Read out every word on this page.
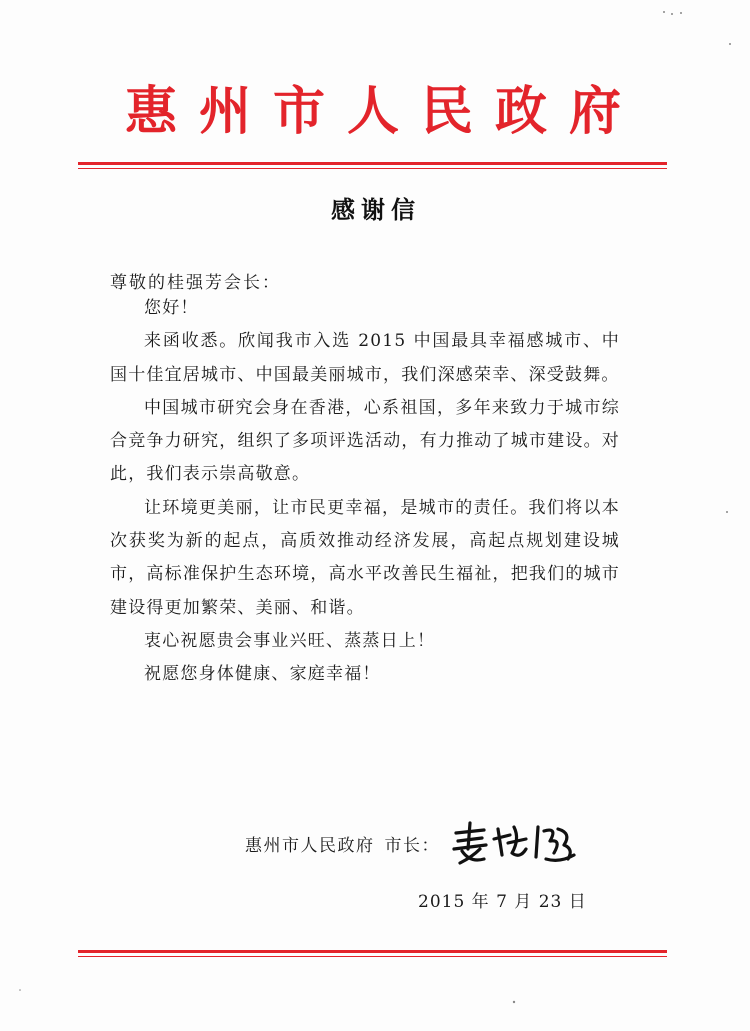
惠州市人民政府
感谢信
尊敬的桂强芳会长：

您好！

来函收悉。欣闻我市入选 2015 中国最具幸福感城市、中国十佳宜居城市、中国最美丽城市，我们深感荣幸、深受鼓舞。

中国城市研究会身在香港，心系祖国，多年来致力于城市综合竞争力研究，组织了多项评选活动，有力推动了城市建设。对此，我们表示崇高敬意。

让环境更美丽，让市民更幸福，是城市的责任。我们将以本次获奖为新的起点，高质效推动经济发展，高起点规划建设城市，高标准保护生态环境，高水平改善民生福祉，把我们的城市建设得更加繁荣、美丽、和谐。

衷心祝愿贵会事业兴旺、蒸蒸日上！

祝愿您身体健康、家庭幸福！

惠州市人民政府 市长：
2015 年 7 月 23 日
